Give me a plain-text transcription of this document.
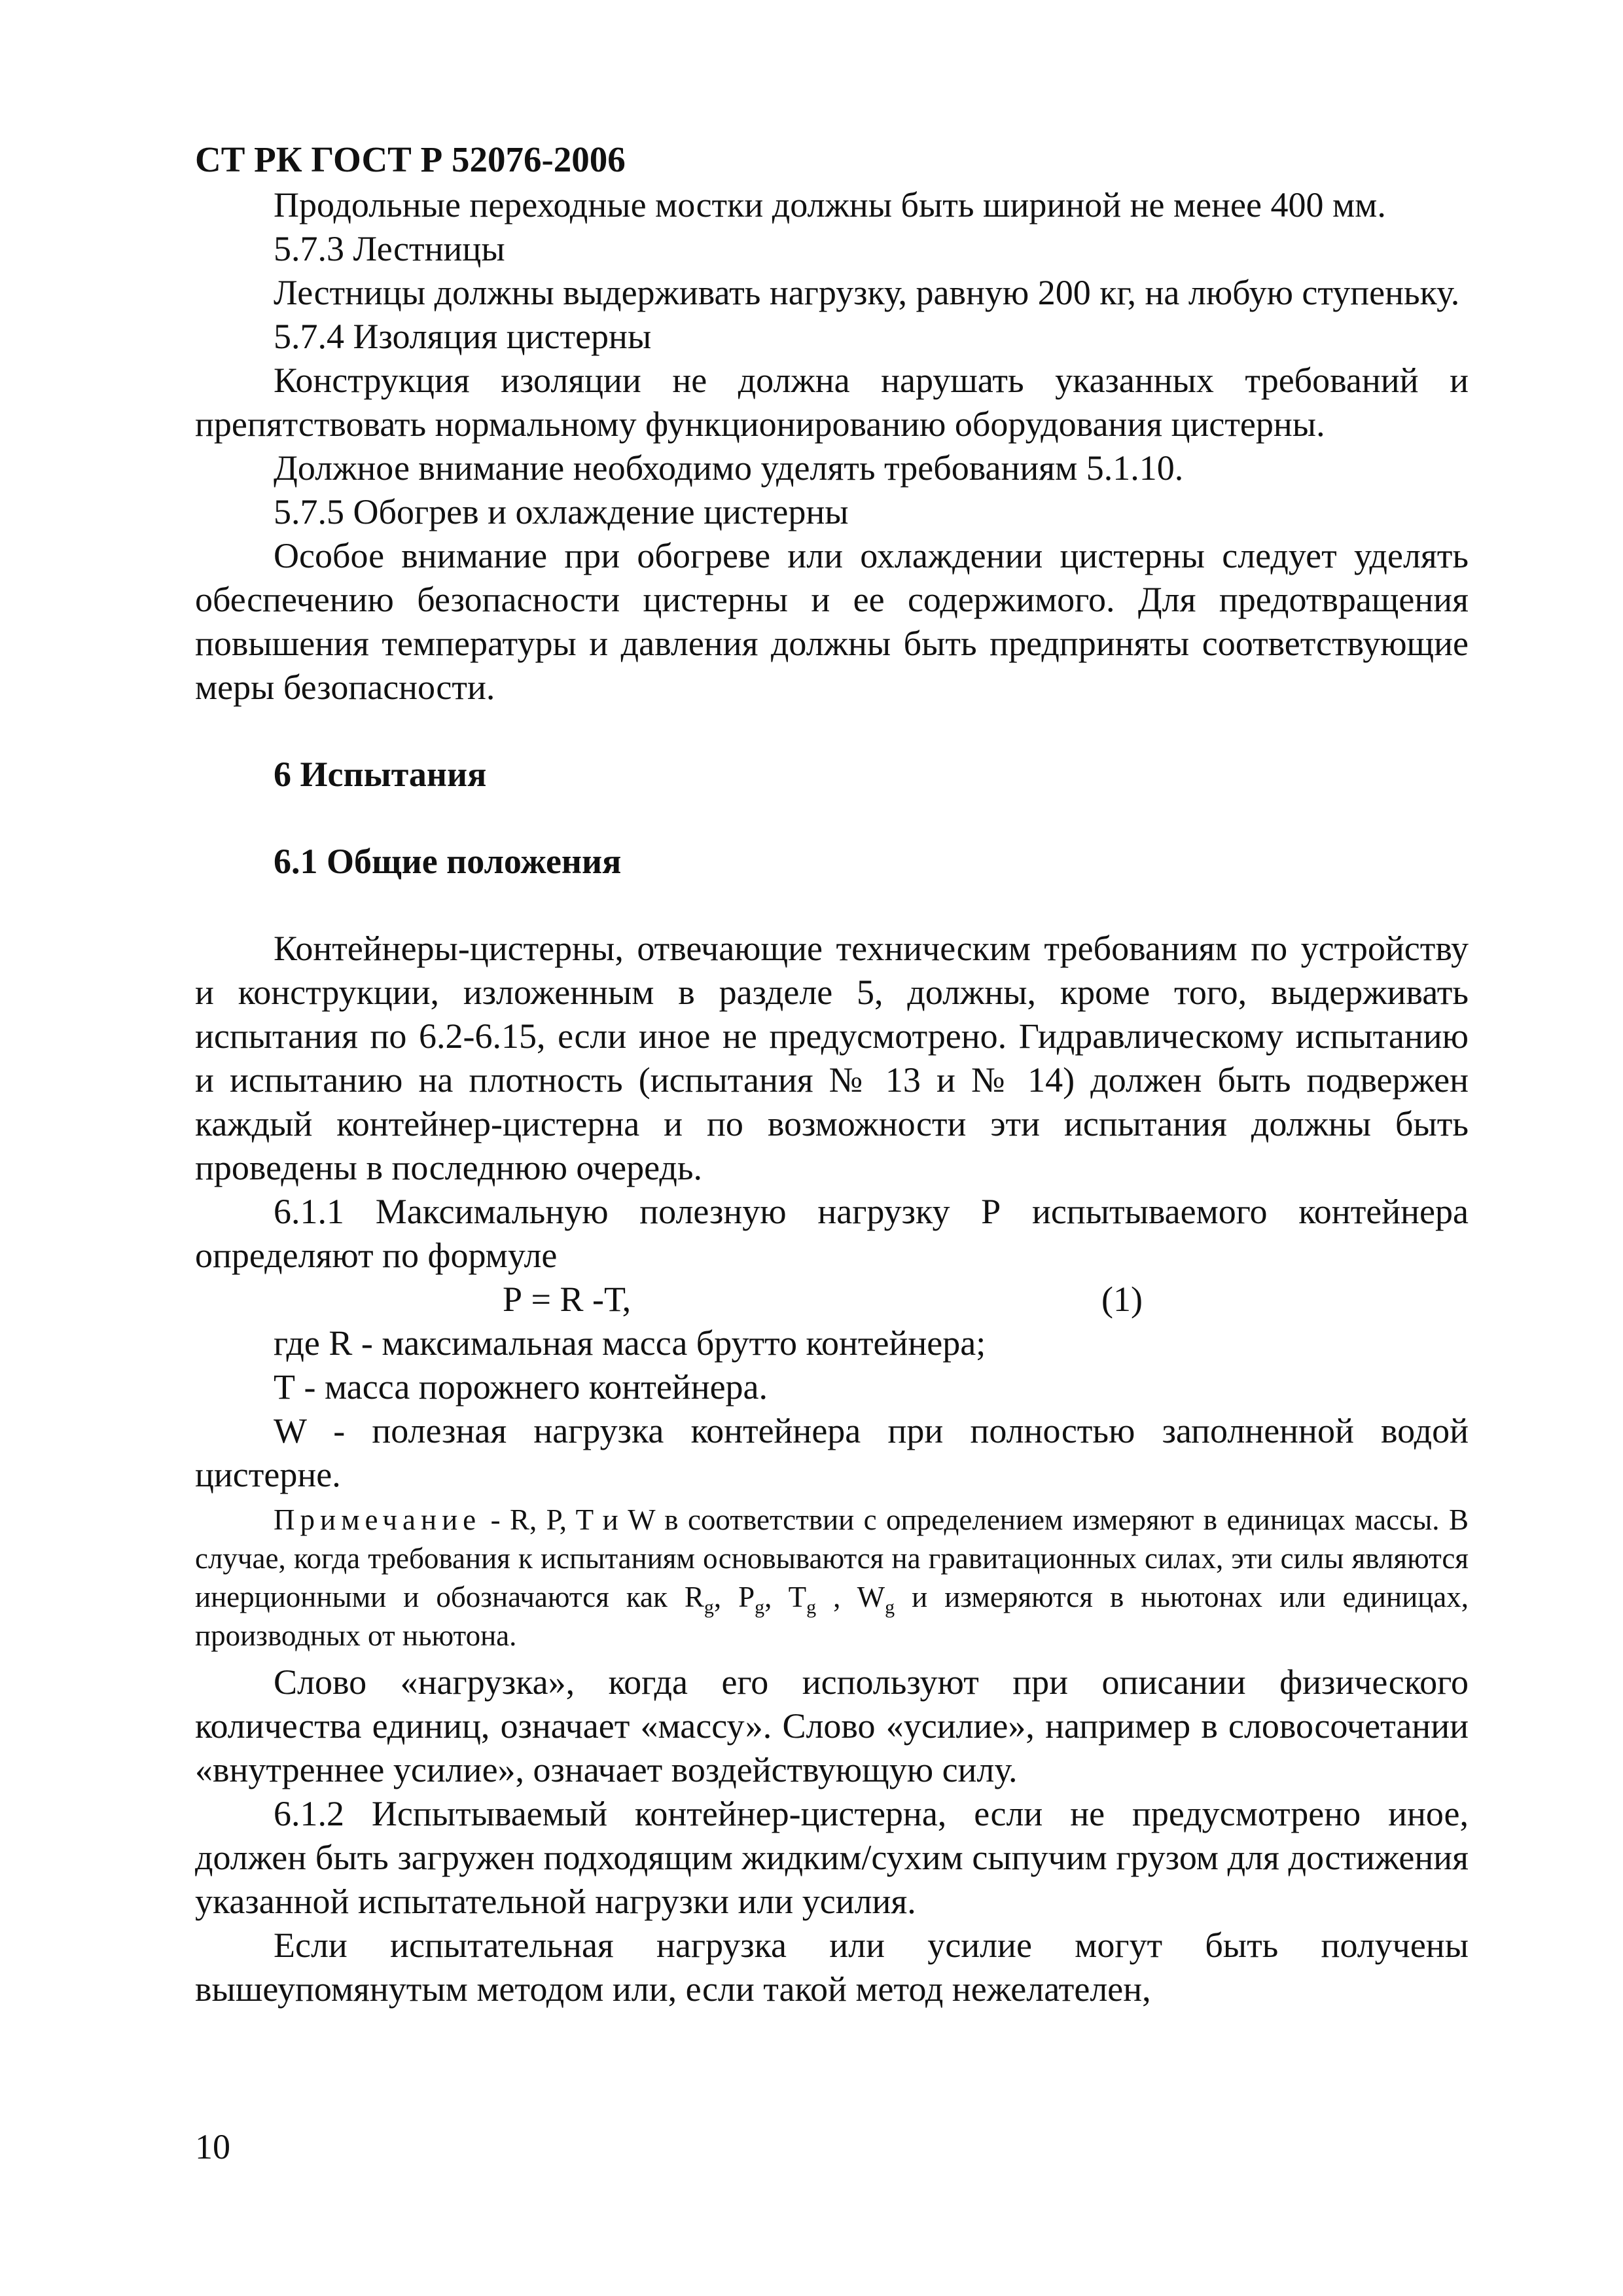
СТ РК ГОСТ Р 52076-2006

Продольные переходные мостки должны быть шириной не менее 400 мм.

5.7.3 Лестницы

Лестницы должны выдерживать нагрузку, равную 200 кг, на любую ступеньку.

5.7.4 Изоляция цистерны

Конструкция изоляции не должна нарушать указанных требований и препятствовать нормальному функционированию оборудования цистерны.

Должное внимание необходимо уделять требованиям 5.1.10.

5.7.5 Обогрев и охлаждение цистерны

Особое внимание при обогреве или охлаждении цистерны следует уделять обеспечению безопасности цистерны и ее содержимого. Для предотвращения повышения температуры и давления должны быть предприняты соответствующие меры безопасности.

6 Испытания
6.1 Общие положения

Контейнеры-цистерны, отвечающие техническим требованиям по устройству и конструкции, изложенным в разделе 5, должны, кроме того, выдерживать испытания по 6.2-6.15, если иное не предусмотрено. Гидравлическому испытанию и испытанию на плотность (испытания № 13 и № 14) должен быть подвержен каждый контейнер-цистерна и по возможности эти испытания должны быть проведены в последнюю очередь.

6.1.1 Максимальную полезную нагрузку Р испытываемого контейнера определяют по формуле

Р = R -Т,	(1)

где R - максимальная масса брутто контейнера;

Т - масса порожнего контейнера.

W - полезная нагрузка контейнера при полностью заполненной водой цистерне.

Примечание - R, P, T и W в соответствии с определением измеряют в единицах массы. В случае, когда требования к испытаниям основываются на гравитационных силах, эти силы являются инерционными и обозначаются как $R_g$, $P_g$, $T_g$ , $W_g$ и измеряются в ньютонах или единицах, производных от ньютона.

Слово «нагрузка», когда его используют при описании физического количества единиц, означает «массу». Слово «усилие», например в словосочетании «внутреннее усилие», означает воздействующую силу.

6.1.2 Испытываемый контейнер-цистерна, если не предусмотрено иное, должен быть загружен подходящим жидким/сухим сыпучим грузом для достижения указанной испытательной нагрузки или усилия.

Если испытательная нагрузка или усилие могут быть получены вышеупомянутым методом или, если такой метод нежелателен,

10
